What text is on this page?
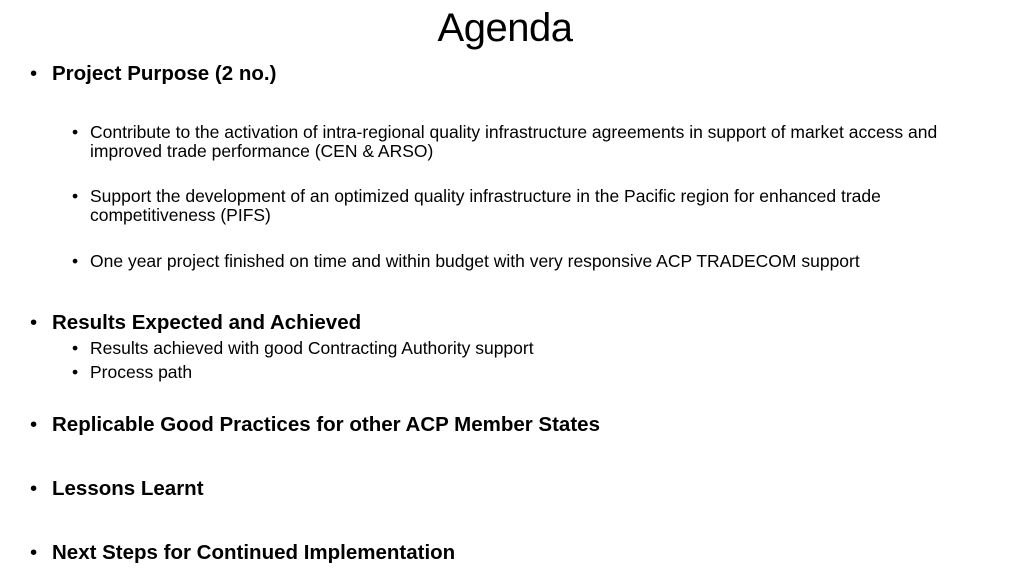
Agenda
• Project Purpose (2 no.)
• Contribute to the activation of intra-regional quality infrastructure agreements in support of market access and improved trade performance (CEN & ARSO)
• Support the development of an optimized quality infrastructure in the Pacific region for enhanced trade competitiveness (PIFS)
• One year project finished on time and within budget with very responsive ACP TRADECOM support
• Results Expected and Achieved
• Results achieved with good Contracting Authority support
• Process path
• Replicable Good Practices for other ACP Member States
• Lessons Learnt
• Next Steps for Continued Implementation
